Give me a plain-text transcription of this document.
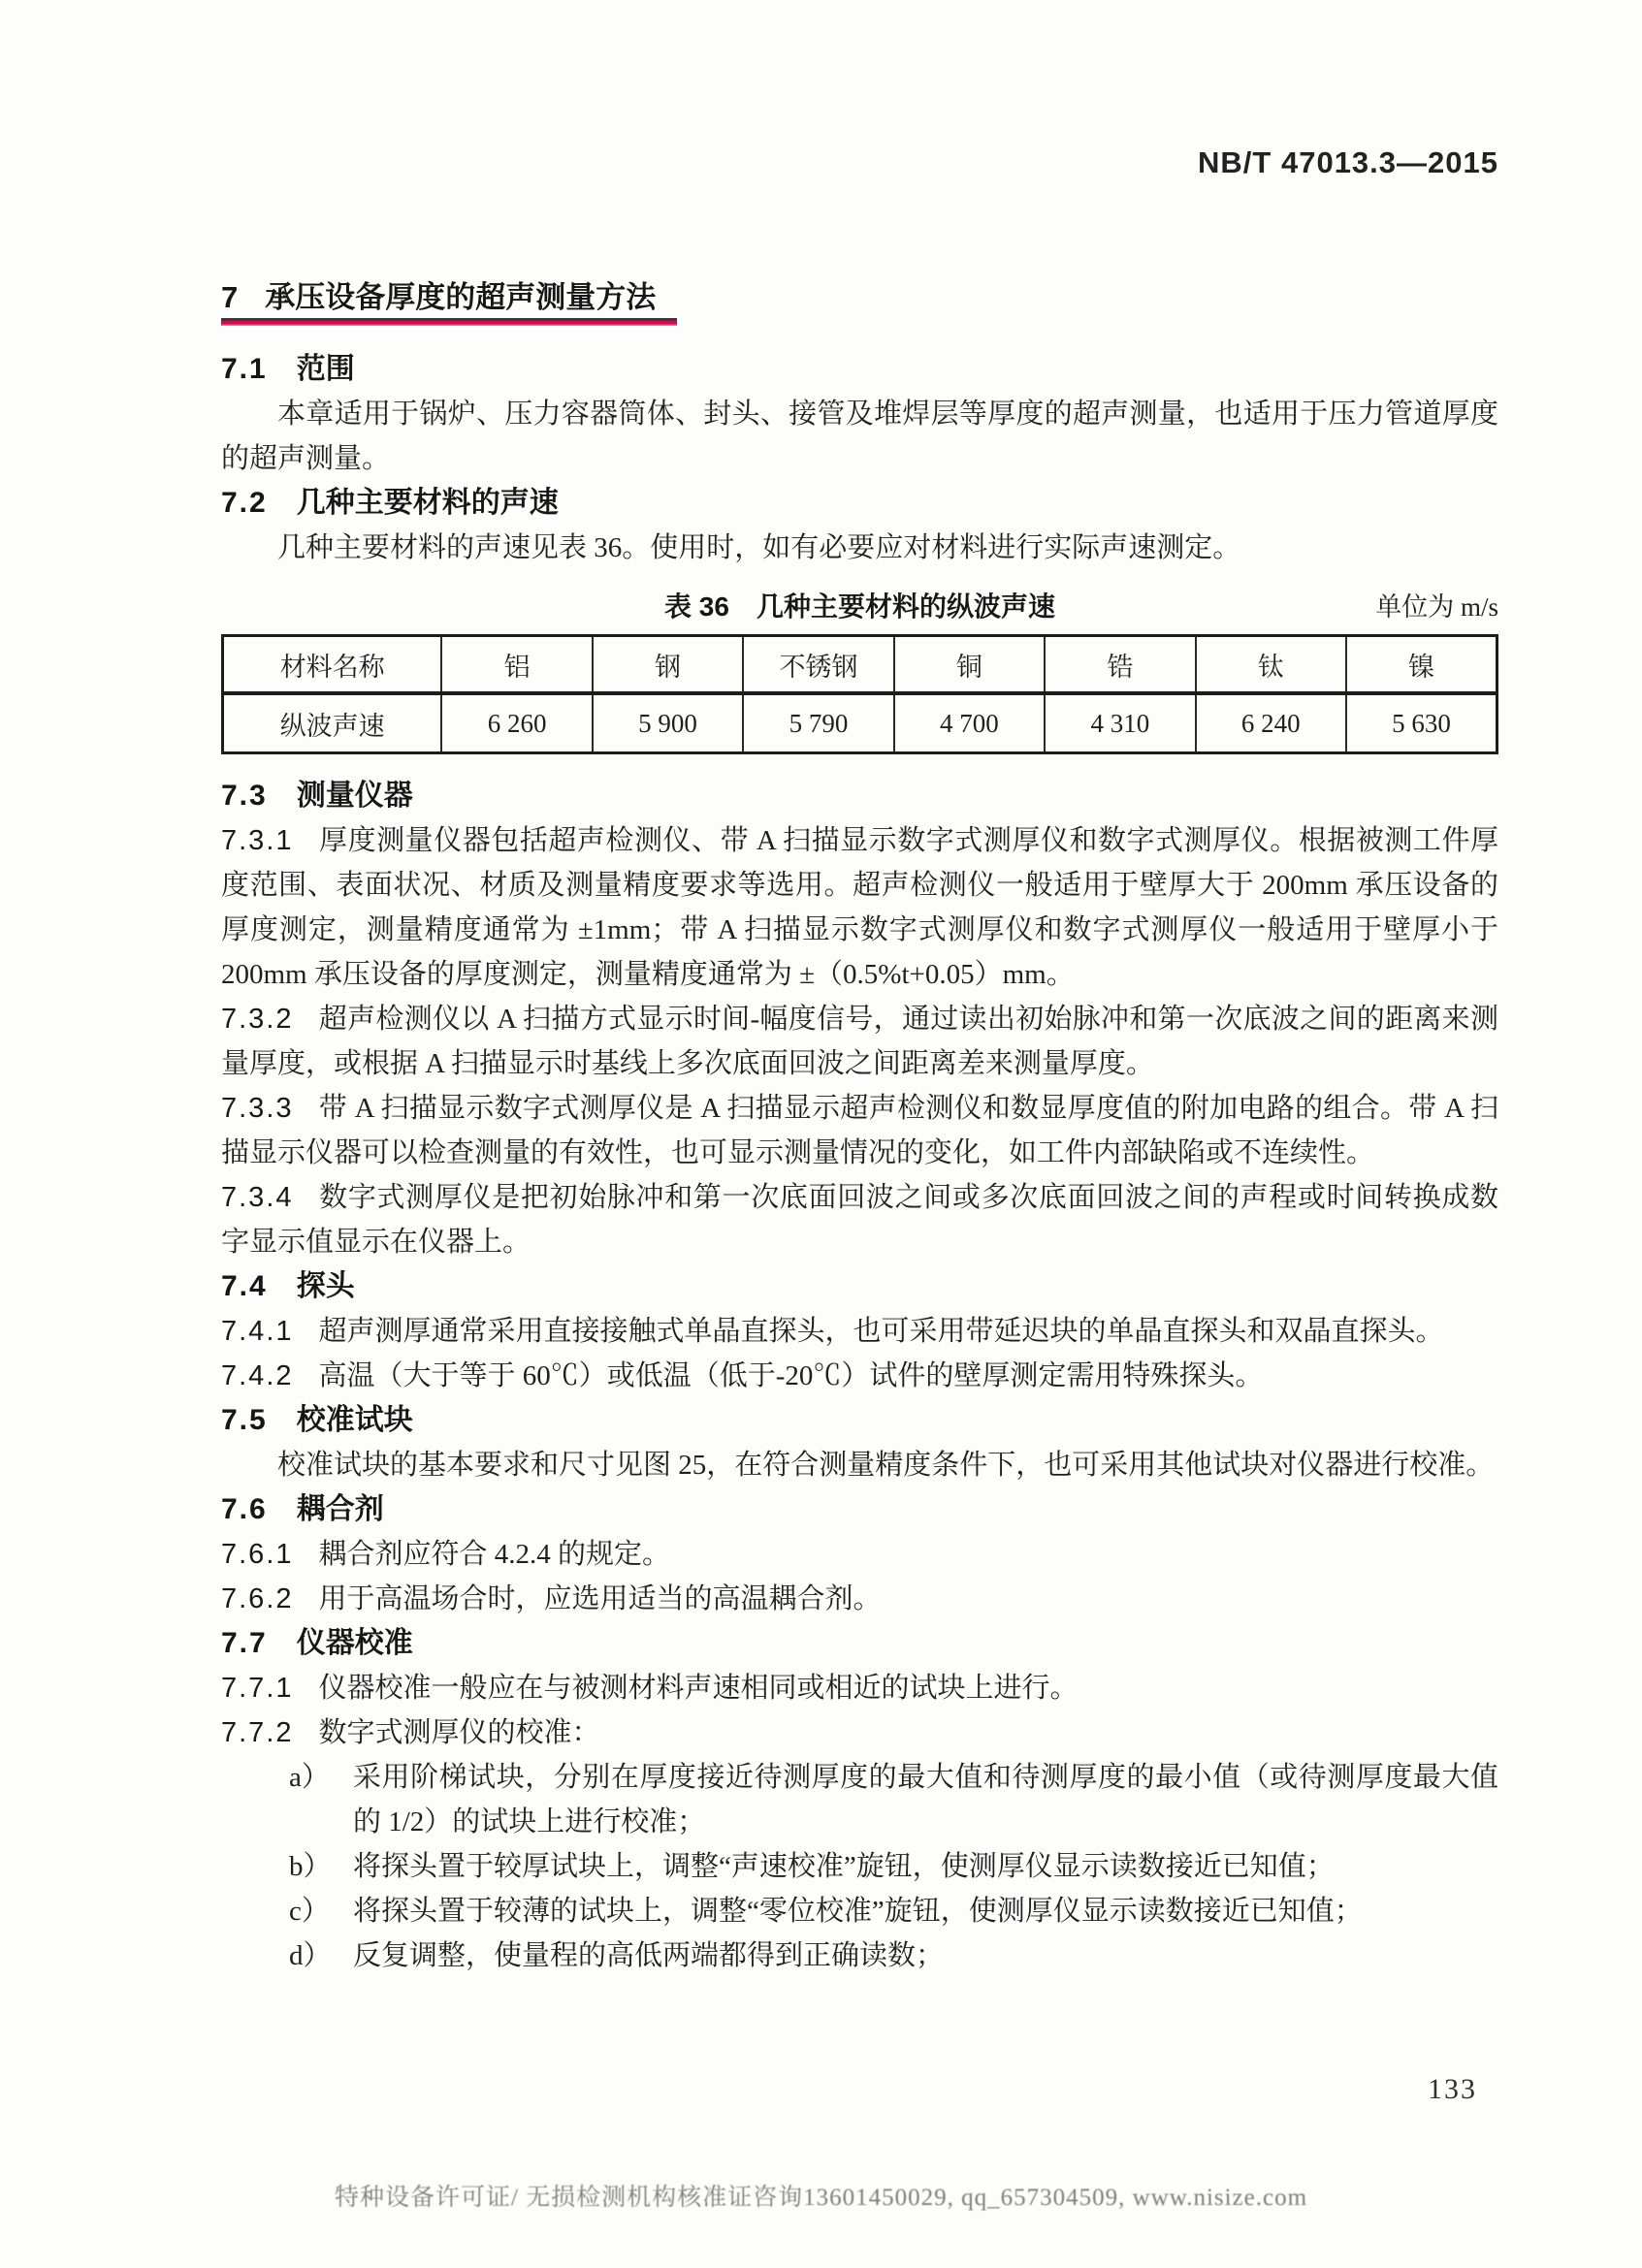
NB/T 47013.3—2015
7 承压设备厚度的超声测量方法
7.1 范围

本章适用于锅炉、压力容器筒体、封头、接管及堆焊层等厚度的超声测量，也适用于压力管道厚度的超声测量。

7.2 几种主要材料的声速

几种主要材料的声速见表 36。使用时，如有必要应对材料进行实际声速测定。

表 36　几种主要材料的纵波声速	单位为 m/s
材料名称	铝	钢	不锈钢	铜	锆	钛	镍
纵波声速	6 260	5 900	5 790	4 700	4 310	6 240	5 630
7.3 测量仪器

7.3.1 厚度测量仪器包括超声检测仪、带 A 扫描显示数字式测厚仪和数字式测厚仪。根据被测工件厚度范围、表面状况、材质及测量精度要求等选用。超声检测仪一般适用于壁厚大于 200mm 承压设备的厚度测定，测量精度通常为 ±1mm；带 A 扫描显示数字式测厚仪和数字式测厚仪一般适用于壁厚小于 200mm 承压设备的厚度测定，测量精度通常为 ±（0.5%t+0.05）mm。

7.3.2 超声检测仪以 A 扫描方式显示时间-幅度信号，通过读出初始脉冲和第一次底波之间的距离来测量厚度，或根据 A 扫描显示时基线上多次底面回波之间距离差来测量厚度。

7.3.3 带 A 扫描显示数字式测厚仪是 A 扫描显示超声检测仪和数显厚度值的附加电路的组合。带 A 扫描显示仪器可以检查测量的有效性，也可显示测量情况的变化，如工件内部缺陷或不连续性。

7.3.4 数字式测厚仪是把初始脉冲和第一次底面回波之间或多次底面回波之间的声程或时间转换成数字显示值显示在仪器上。

7.4 探头

7.4.1 超声测厚通常采用直接接触式单晶直探头，也可采用带延迟块的单晶直探头和双晶直探头。

7.4.2 高温（大于等于 60℃）或低温（低于-20℃）试件的壁厚测定需用特殊探头。

7.5 校准试块

校准试块的基本要求和尺寸见图 25，在符合测量精度条件下，也可采用其他试块对仪器进行校准。

7.6 耦合剂

7.6.1 耦合剂应符合 4.2.4 的规定。

7.6.2 用于高温场合时，应选用适当的高温耦合剂。

7.7 仪器校准

7.7.1 仪器校准一般应在与被测材料声速相同或相近的试块上进行。

7.7.2 数字式测厚仪的校准：

a） 采用阶梯试块，分别在厚度接近待测厚度的最大值和待测厚度的最小值（或待测厚度最大值的 1/2）的试块上进行校准；
b） 将探头置于较厚试块上，调整“声速校准”旋钮，使测厚仪显示读数接近已知值；
c） 将探头置于较薄的试块上，调整“零位校准”旋钮，使测厚仪显示读数接近已知值；
d） 反复调整，使量程的高低两端都得到正确读数；
133
特种设备许可证/ 无损检测机构核准证咨询13601450029, qq_657304509, www.nisize.com
